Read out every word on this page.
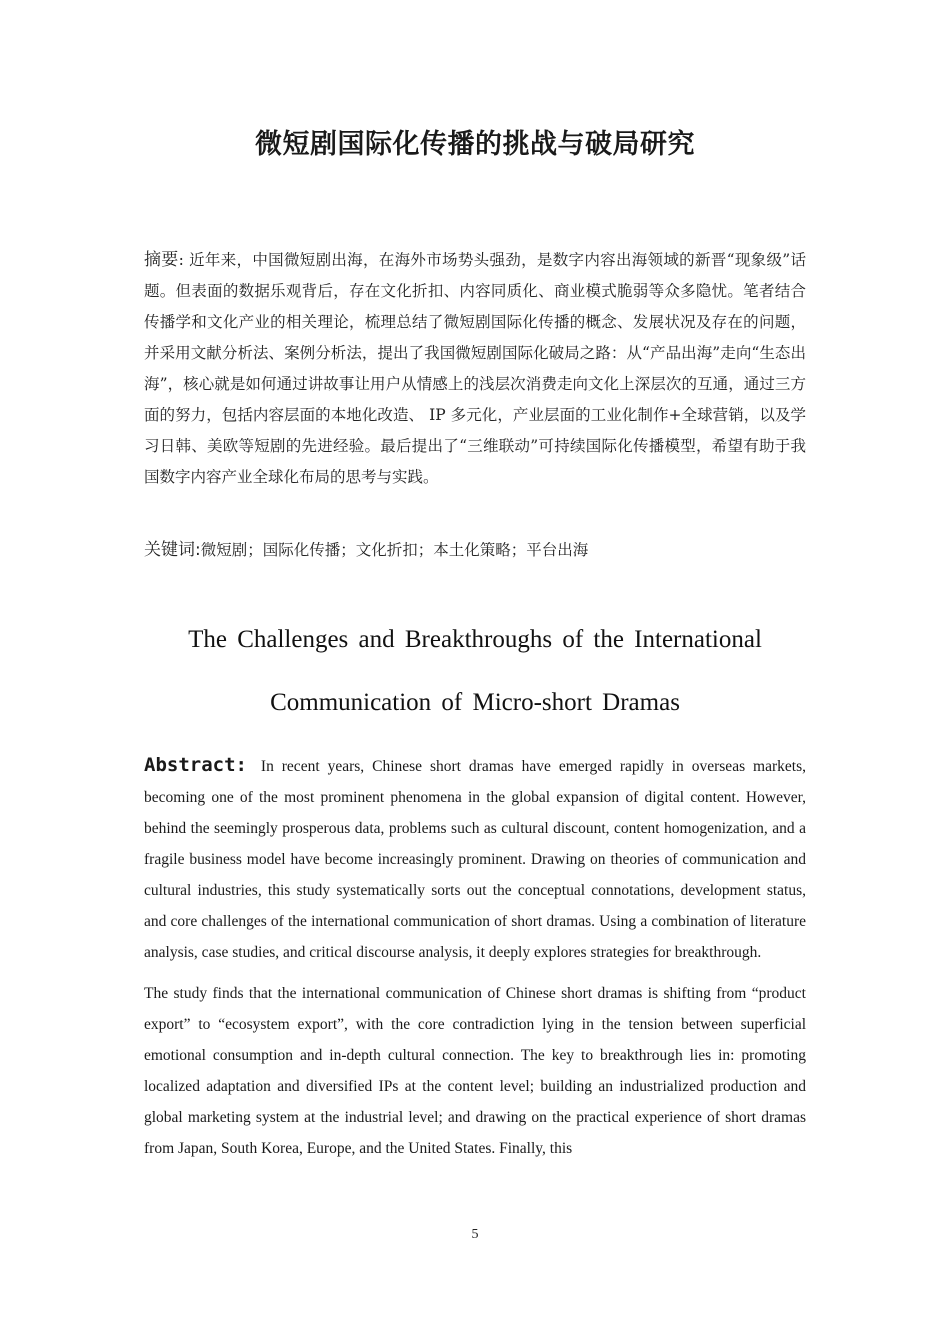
微短剧国际化传播的挑战与破局研究

摘要: 近年来，中国微短剧出海，在海外市场势头强劲，是数字内容出海领域的新晋“现象级”话题。但表面的数据乐观背后，存在文化折扣、内容同质化、商业模式脆弱等众多隐忧。笔者结合传播学和文化产业的相关理论，梳理总结了微短剧国际化传播的概念、发展状况及存在的问题，并采用文献分析法、案例分析法，提出了我国微短剧国际化破局之路：从“产品出海”走向“生态出海”，核心就是如何通过讲故事让用户从情感上的浅层次消费走向文化上深层次的互通，通过三方面的努力，包括内容层面的本地化改造、 IP 多元化，产业层面的工业化制作+全球营销，以及学习日韩、美欧等短剧的先进经验。最后提出了“三维联动”可持续国际化传播模型，希望有助于我国数字内容产业全球化布局的思考与实践。

关键词:微短剧；国际化传播；文化折扣；本土化策略；平台出海

The Challenges and Breakthroughs of the International
Communication of Micro-short Dramas

Abstract: In recent years, Chinese short dramas have emerged rapidly in overseas markets, becoming one of the most prominent phenomena in the global expansion of digital content. However, behind the seemingly prosperous data, problems such as cultural discount, content homogenization, and a fragile business model have become increasingly prominent. Drawing on theories of communication and cultural industries, this study systematically sorts out the conceptual connotations, development status, and core challenges of the international communication of short dramas. Using a combination of literature analysis, case studies, and critical discourse analysis, it deeply explores strategies for breakthrough.

The study finds that the international communication of Chinese short dramas is shifting from “product export” to “ecosystem export”, with the core contradiction lying in the tension between superficial emotional consumption and in-depth cultural connection. The key to breakthrough lies in: promoting localized adaptation and diversified IPs at the content level; building an industrialized production and global marketing system at the industrial level; and drawing on the practical experience of short dramas from Japan, South Korea, Europe, and the United States. Finally, this

5
